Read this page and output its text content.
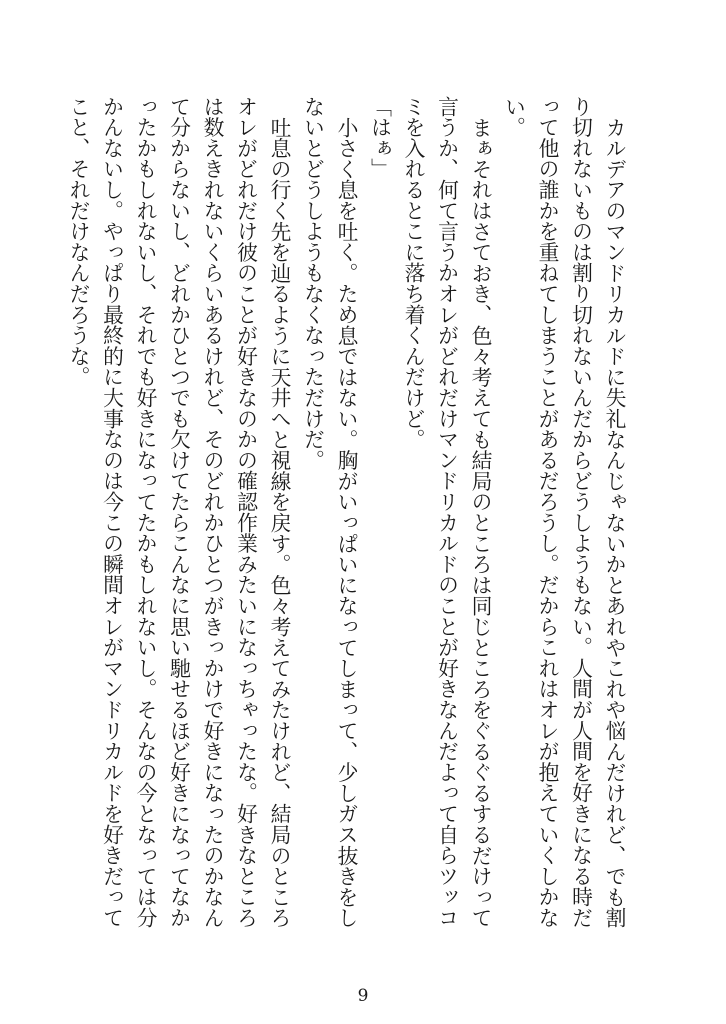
カルデアのマンドリカルドに失礼なんじゃないかとあれやこれや悩んだけれど、でも割り切れないものは割り切れないんだからどうしようもない。人間が人間を好きになる時だって他の誰かを重ねてしまうことがあるだろうし。だからこれはオレが抱えていくしかない。

まぁそれはさておき、色々考えても結局のところは同じところをぐるぐるするだけって言うか、何て言うかオレがどれだけマンドリカルドのことが好きなんだよって自らツッコミを入れるとこに落ち着くんだけど。

「はぁ」

小さく息を吐く。ため息ではない。胸がいっぱいになってしまって、少しガス抜きをしないとどうしようもなくなっただけだ。

吐息の行く先を辿るように天井へと視線を戻す。色々考えてみたけれど、結局のところオレがどれだけ彼のことが好きなのかの確認作業みたいになっちゃったな。好きなところは数えきれないくらいあるけれど、そのどれかひとつがきっかけで好きになったのかなんて分からないし、どれかひとつでも欠けてたらこんなに思い馳せるほど好きになってなかったかもしれないし、それでも好きになってたかもしれないし。そんなの今となっては分かんないし。やっぱり最終的に大事なのは今この瞬間オレがマンドリカルドを好きだってこと、それだけなんだろうな。

9
